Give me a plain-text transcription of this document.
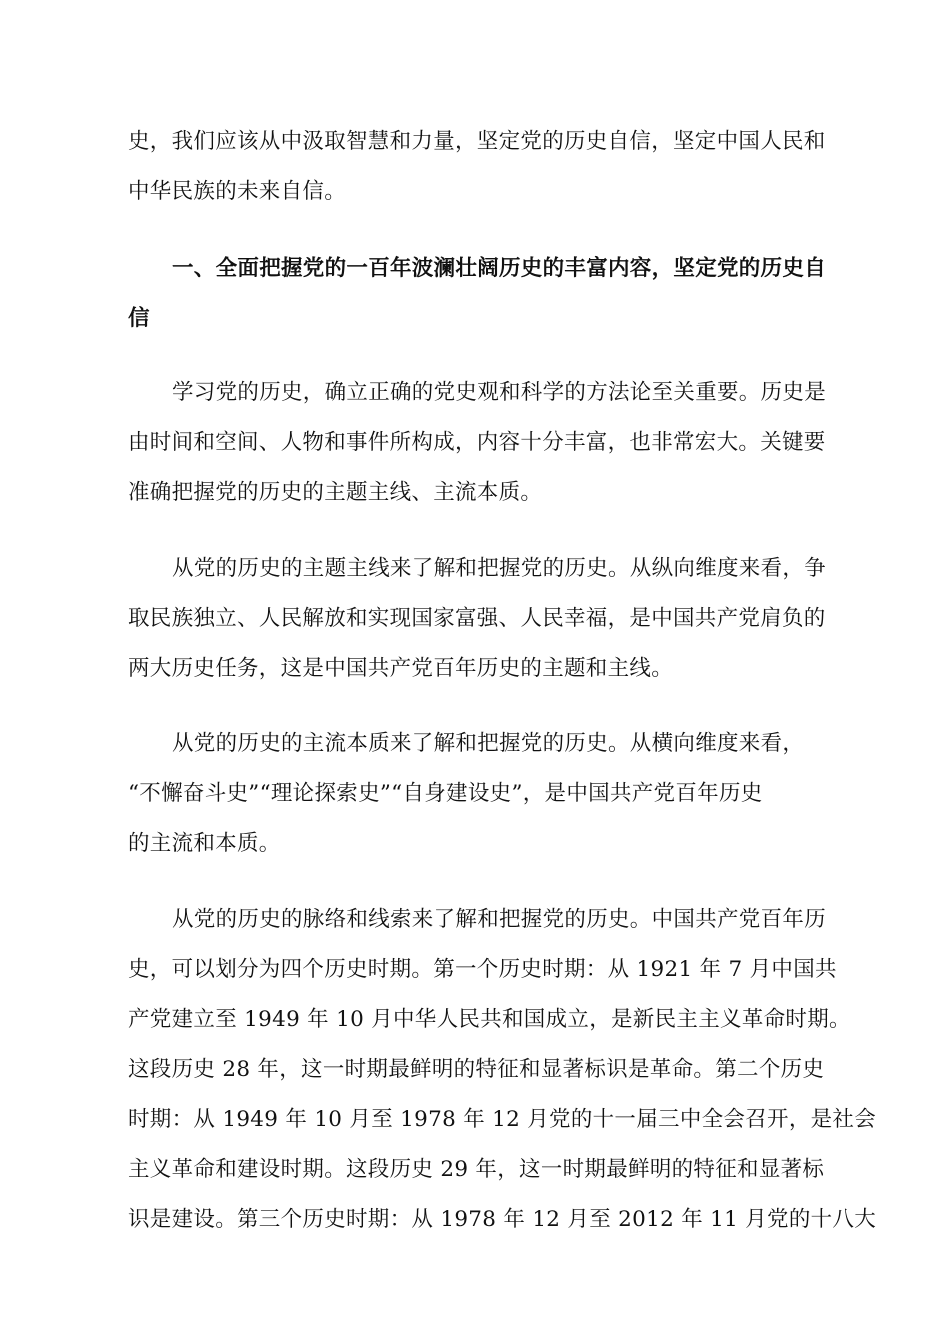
史，我们应该从中汲取智慧和力量，坚定党的历史自信，坚定中国人民和
中华民族的未来自信。
一、全面把握党的一百年波澜壮阔历史的丰富内容，坚定党的历史自
信
学习党的历史，确立正确的党史观和科学的方法论至关重要。历史是
由时间和空间、人物和事件所构成，内容十分丰富，也非常宏大。关键要
准确把握党的历史的主题主线、主流本质。
从党的历史的主题主线来了解和把握党的历史。从纵向维度来看，争
取民族独立、人民解放和实现国家富强、人民幸福，是中国共产党肩负的
两大历史任务，这是中国共产党百年历史的主题和主线。
从党的历史的主流本质来了解和把握党的历史。从横向维度来看，
“不懈奋斗史”“理论探索史”“自身建设史”，是中国共产党百年历史
的主流和本质。
从党的历史的脉络和线索来了解和把握党的历史。中国共产党百年历
史，可以划分为四个历史时期。第一个历史时期：从 1921 年 7 月中国共
产党建立至 1949 年 10 月中华人民共和国成立，是新民主主义革命时期。
这段历史 28 年，这一时期最鲜明的特征和显著标识是革命。第二个历史
时期：从 1949 年 10 月至 1978 年 12 月党的十一届三中全会召开，是社会
主义革命和建设时期。这段历史 29 年，这一时期最鲜明的特征和显著标
识是建设。第三个历史时期：从 1978 年 12 月至 2012 年 11 月党的十八大
